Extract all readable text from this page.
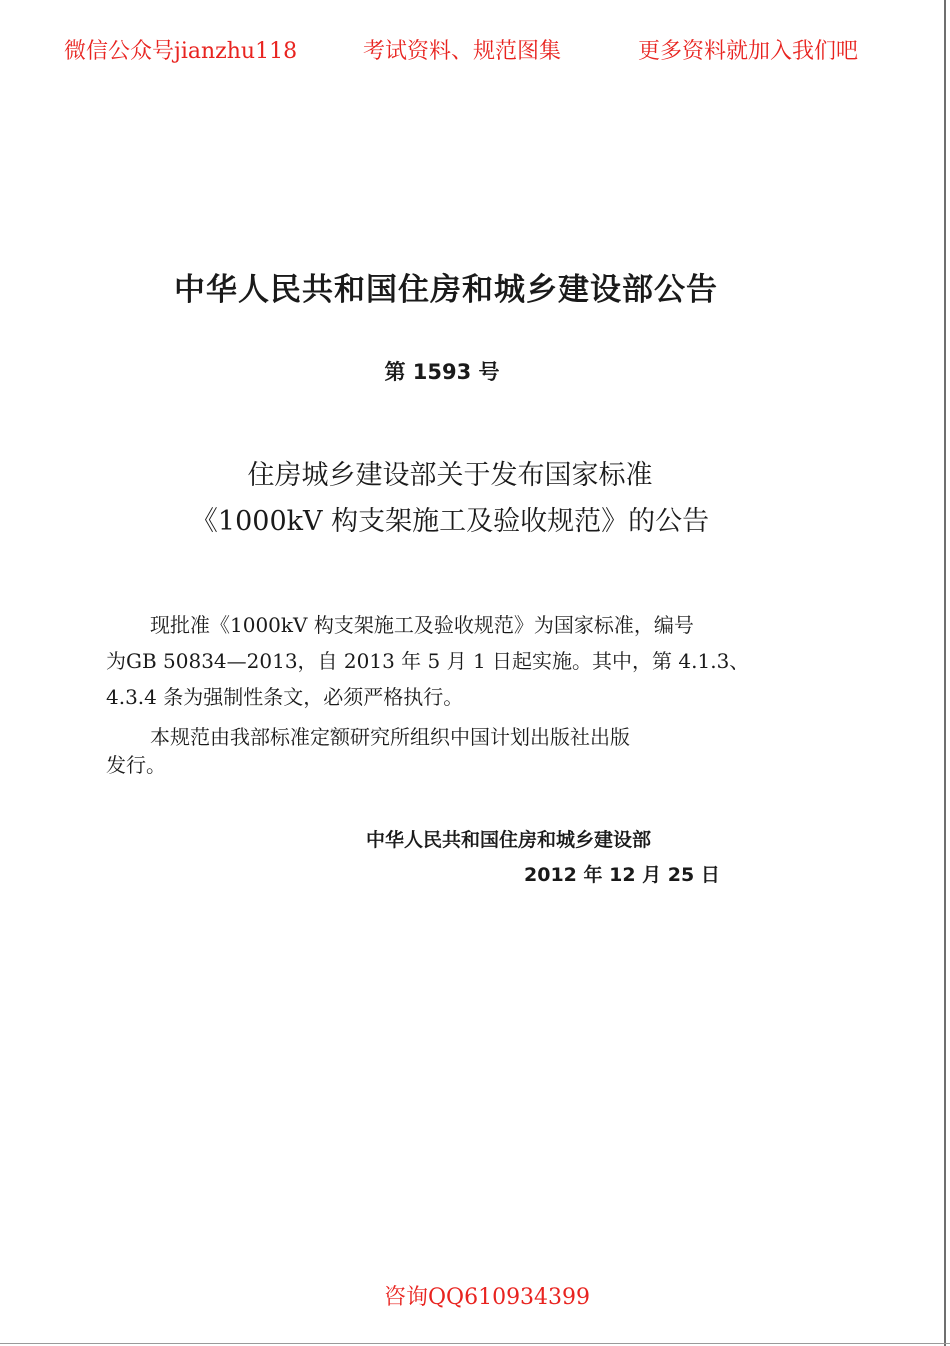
微信公众号jianzhu118	考试资料、规范图集	更多资料就加入我们吧
中华人民共和国住房和城乡建设部公告
第 1593 号
住房城乡建设部关于发布国家标准
《1000kV 构支架施工及验收规范》的公告
现批准《1000kV 构支架施工及验收规范》为国家标准，编号
为GB 50834—2013，自 2013 年 5 月 1 日起实施。其中，第 4.1.3、
4.3.4 条为强制性条文，必须严格执行。
本规范由我部标准定额研究所组织中国计划出版社出版
发行。
中华人民共和国住房和城乡建设部
2012 年 12 月 25 日
咨询QQ610934399
